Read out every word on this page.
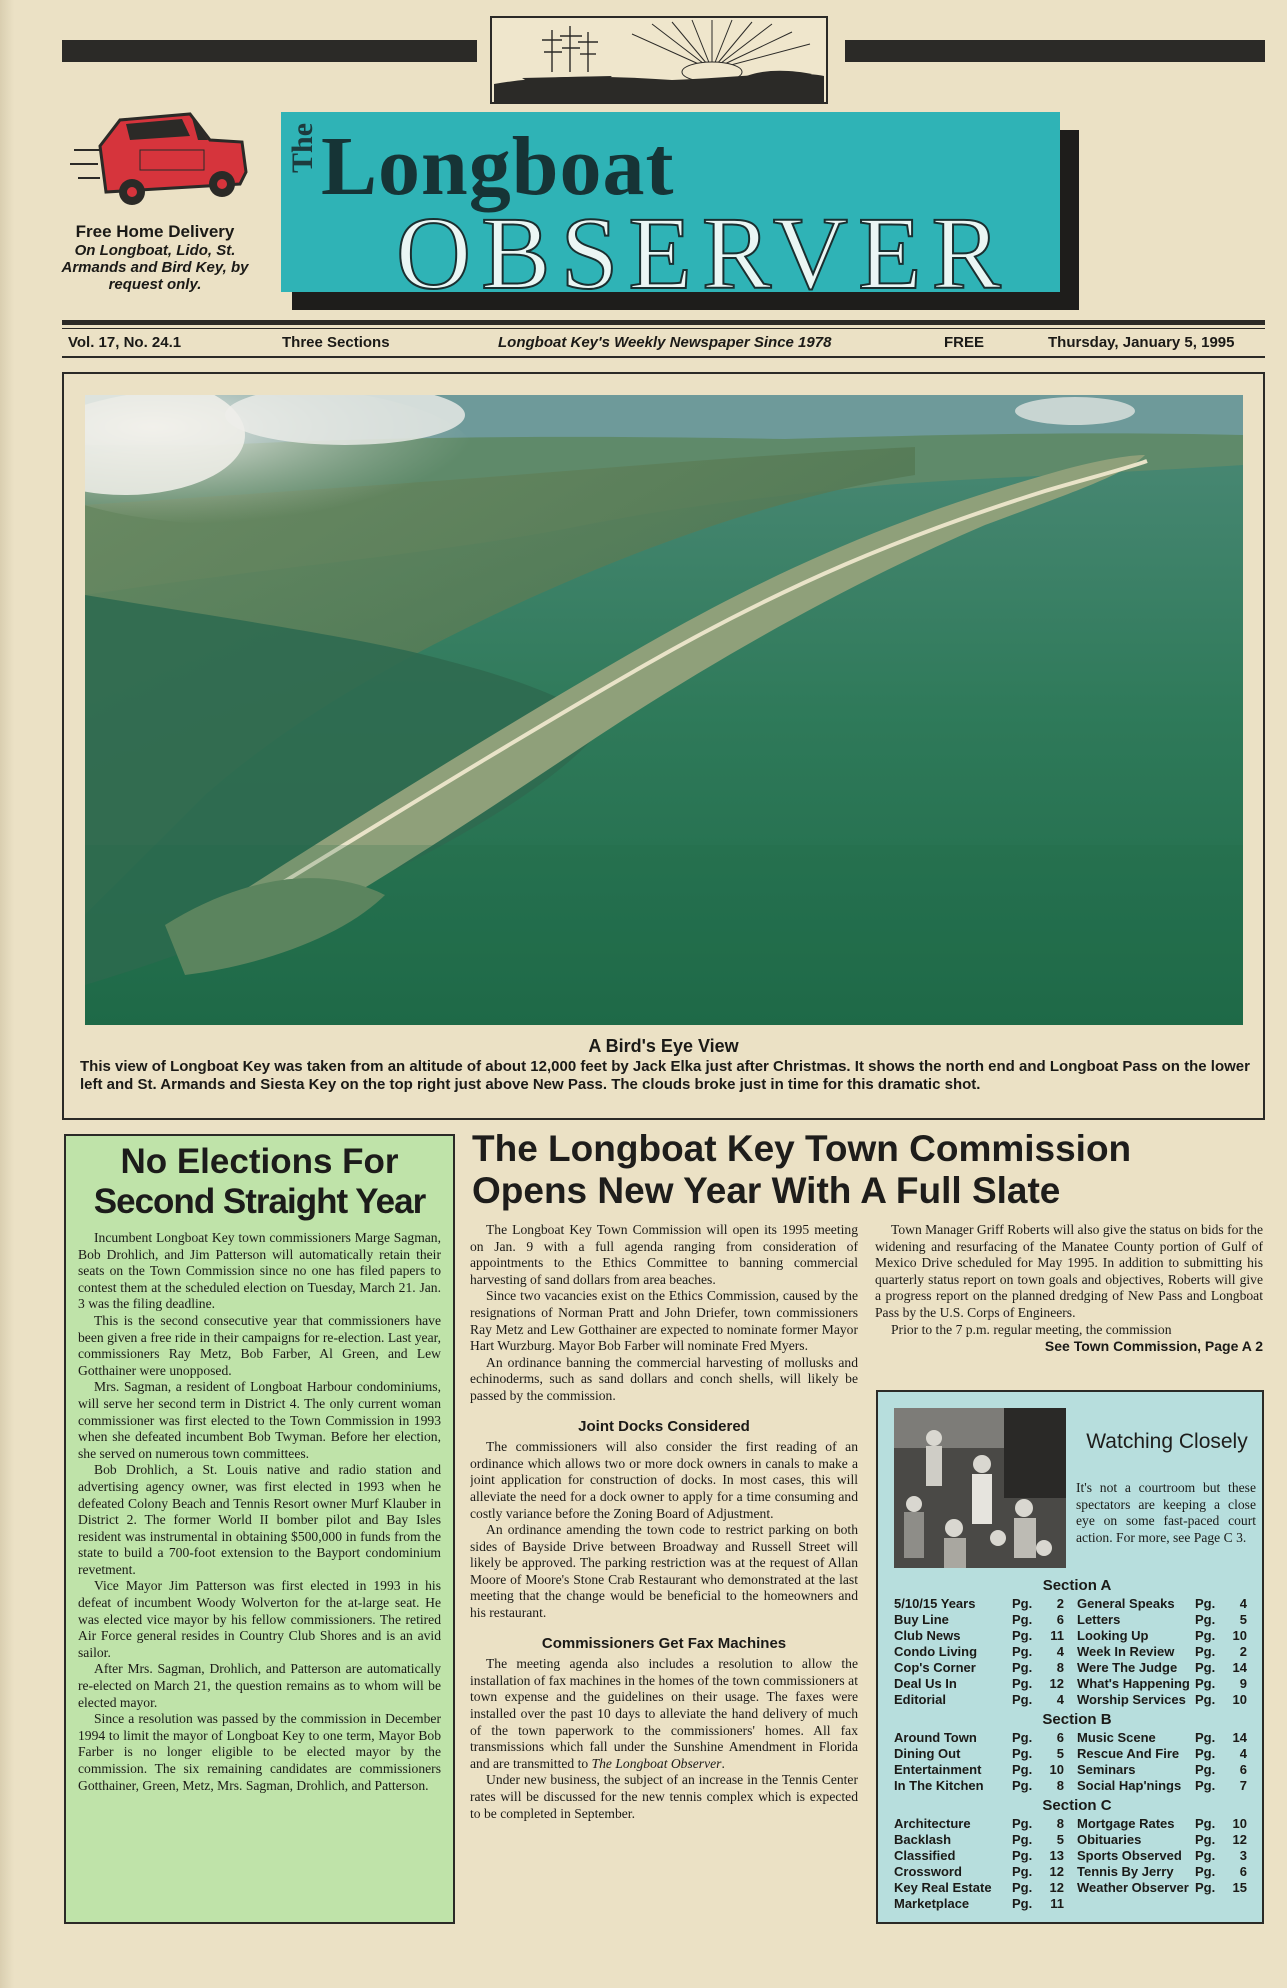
Free Home Delivery
On Longboat, Lido, St. Armands and Bird Key, by request only.
The Longboat
OBSERVER
Vol. 17, No. 24.1	Three Sections	Longboat Key's Weekly Newspaper Since 1978	FREE	Thursday, January 5, 1995
A Bird's Eye View
This view of Longboat Key was taken from an altitude of about 12,000 feet by Jack Elka just after Christmas. It shows the north end and Longboat Pass on the lower left and St. Armands and Siesta Key on the top right just above New Pass. The clouds broke just in time for this dramatic shot.
No Elections For
Second Straight Year

Incumbent Longboat Key town commissioners Marge Sagman, Bob Drohlich, and Jim Patterson will automatically retain their seats on the Town Commission since no one has filed papers to contest them at the scheduled election on Tuesday, March 21. Jan. 3 was the filing deadline.

This is the second consecutive year that commissioners have been given a free ride in their campaigns for re-election. Last year, commissioners Ray Metz, Bob Farber, Al Green, and Lew Gotthainer were unopposed.

Mrs. Sagman, a resident of Longboat Harbour condominiums, will serve her second term in District 4. The only current woman commissioner was first elected to the Town Commission in 1993 when she defeated incumbent Bob Twyman. Before her election, she served on numerous town committees.

Bob Drohlich, a St. Louis native and radio station and advertising agency owner, was first elected in 1993 when he defeated Colony Beach and Tennis Resort owner Murf Klauber in District 2. The former World II bomber pilot and Bay Isles resident was instrumental in obtaining $500,000 in funds from the state to build a 700-foot extension to the Bayport condominium revetment.

Vice Mayor Jim Patterson was first elected in 1993 in his defeat of incumbent Woody Wolverton for the at-large seat. He was elected vice mayor by his fellow commissioners. The retired Air Force general resides in Country Club Shores and is an avid sailor.

After Mrs. Sagman, Drohlich, and Patterson are automatically re-elected on March 21, the question remains as to whom will be elected mayor.

Since a resolution was passed by the commission in December 1994 to limit the mayor of Longboat Key to one term, Mayor Bob Farber is no longer eligible to be elected mayor by the commission. The six remaining candidates are commissioners Gotthainer, Green, Metz, Mrs. Sagman, Drohlich, and Patterson.

The Longboat Key Town Commission
Opens New Year With A Full Slate

The Longboat Key Town Commission will open its 1995 meeting on Jan. 9 with a full agenda ranging from consideration of appointments to the Ethics Committee to banning commercial harvesting of sand dollars from area beaches.

Since two vacancies exist on the Ethics Commission, caused by the resignations of Norman Pratt and John Driefer, town commissioners Ray Metz and Lew Gotthainer are expected to nominate former Mayor Hart Wurzburg. Mayor Bob Farber will nominate Fred Myers.

An ordinance banning the commercial harvesting of mollusks and echinoderms, such as sand dollars and conch shells, will likely be passed by the commission.

Joint Docks Considered

The commissioners will also consider the first reading of an ordinance which allows two or more dock owners in canals to make a joint application for construction of docks. In most cases, this will alleviate the need for a dock owner to apply for a time consuming and costly variance before the Zoning Board of Adjustment.

An ordinance amending the town code to restrict parking on both sides of Bayside Drive between Broadway and Russell Street will likely be approved. The parking restriction was at the request of Allan Moore of Moore's Stone Crab Restaurant who demonstrated at the last meeting that the change would be beneficial to the homeowners and his restaurant.

Commissioners Get Fax Machines

The meeting agenda also includes a resolution to allow the installation of fax machines in the homes of the town commissioners at town expense and the guidelines on their usage. The faxes were installed over the past 10 days to alleviate the hand delivery of much of the town paperwork to the commissioners' homes. All fax transmissions which fall under the Sunshine Amendment in Florida and are transmitted to The Longboat Observer.

Under new business, the subject of an increase in the Tennis Center rates will be discussed for the new tennis complex which is expected to be completed in September.

Town Manager Griff Roberts will also give the status on bids for the widening and resurfacing of the Manatee County portion of Gulf of Mexico Drive scheduled for May 1995. In addition to submitting his quarterly status report on town goals and objectives, Roberts will give a progress report on the planned dredging of New Pass and Longboat Pass by the U.S. Corps of Engineers.

Prior to the 7 p.m. regular meeting, the commission

See Town Commission, Page A 2
Watching Closely
It's not a courtroom but these spectators are keeping a close eye on some fast-paced court action. For more, see Page C 3.
Section A
5/10/15 Years	Pg.	2
Buy Line	Pg.	6
Club News	Pg.	11
Condo Living	Pg.	4
Cop's Corner	Pg.	8
Deal Us In	Pg.	12
Editorial	Pg.	4
General Speaks	Pg.	4
Letters	Pg.	5
Looking Up	Pg.	10
Week In Review	Pg.	2
Were The Judge	Pg.	14
What's Happening Pg.	9
Worship Services Pg.	10
Section B
Around Town	Pg.	6
Dining Out	Pg.	5
Entertainment	Pg.	10
In The Kitchen	Pg.	8
Music Scene	Pg.	14
Rescue And Fire	Pg.	4
Seminars	Pg.	6
Social Hap'nings	Pg.	7
Section C
Architecture	Pg.	8
Backlash	Pg.	5
Classified	Pg.	13
Crossword	Pg.	12
Key Real Estate	Pg.	12
Marketplace	Pg.	11
Mortgage Rates	Pg.	10
Obituaries	Pg.	12
Sports Observed	Pg.	3
Tennis By Jerry	Pg.	6
Weather Observer Pg.	15
